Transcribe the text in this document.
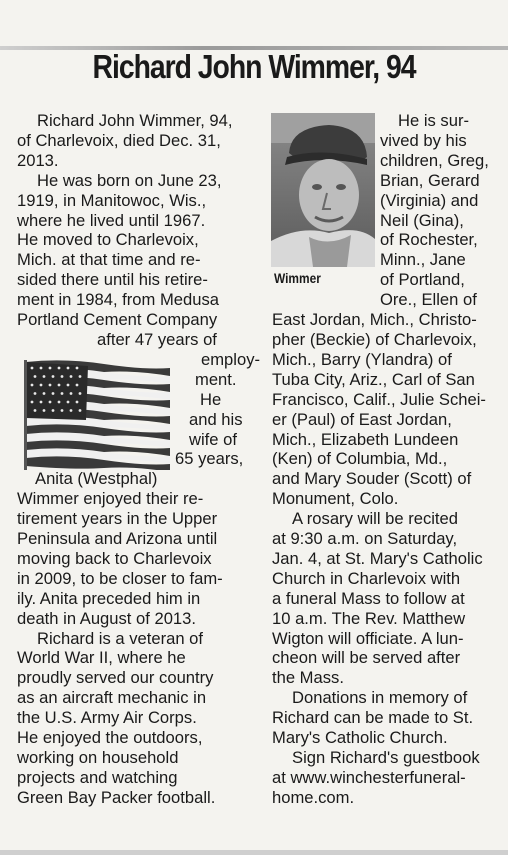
Richard John Wimmer, 94
Richard John Wimmer, 94,
of Charlevoix, died Dec. 31,
2013.
He was born on June 23,
1919, in Manitowoc, Wis.,
where he lived until 1967.
He moved to Charlevoix,
Mich. at that time and re-
sided there until his retire-
ment in 1984, from Medusa
Portland Cement Company
after 47 years of
employ-
ment.
He
and his
wife of
65 years,
Anita (Westphal)
Wimmer enjoyed their re-
tirement years in the Upper
Peninsula and Arizona until
moving back to Charlevoix
in 2009, to be closer to fam-
ily. Anita preceded him in
death in August of 2013.
Richard is a veteran of
World War II, where he
proudly served our country
as an aircraft mechanic in
the U.S. Army Air Corps.
He enjoyed the outdoors,
working on household
projects and watching
Green Bay Packer football.
He is sur-
vived by his
children, Greg,
Brian, Gerard
(Virginia) and
Neil (Gina),
of Rochester,
Minn., Jane
of Portland,
Ore., Ellen of
East Jordan, Mich., Christo-
pher (Beckie) of Charlevoix,
Mich., Barry (Ylandra) of
Tuba City, Ariz., Carl of San
Francisco, Calif., Julie Schei-
er (Paul) of East Jordan,
Mich., Elizabeth Lundeen
(Ken) of Columbia, Md.,
and Mary Souder (Scott) of
Monument, Colo.
A rosary will be recited
at 9:30 a.m. on Saturday,
Jan. 4, at St. Mary's Catholic
Church in Charlevoix with
a funeral Mass to follow at
10 a.m. The Rev. Matthew
Wigton will officiate. A lun-
cheon will be served after
the Mass.
Donations in memory of
Richard can be made to St.
Mary's Catholic Church.
Sign Richard's guestbook
at www.winchesterfuneral-
home.com.
Wimmer
